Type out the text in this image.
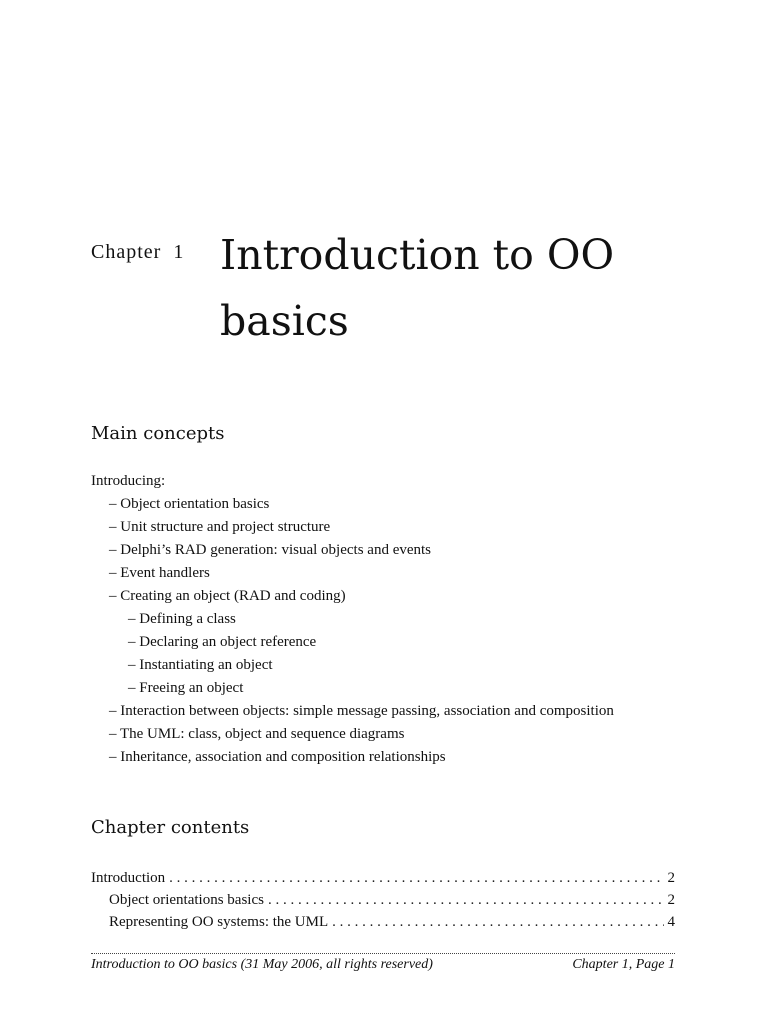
Chapter 1 Introduction to OO basics
Main concepts
Introducing:
– Object orientation basics
– Unit structure and project structure
– Delphi’s RAD generation: visual objects and events
– Event handlers
– Creating an object (RAD and coding)
– Defining a class
– Declaring an object reference
– Instantiating an object
– Freeing an object
– Interaction between objects: simple message passing, association and composition
– The UML: class, object and sequence diagrams
– Inheritance, association and composition relationships
Chapter contents
Introduction . . .	2
Object orientations basics . . .	2
Representing OO systems: the UML . . .	4
Introduction to OO basics (31 May 2006, all rights reserved)	Chapter 1, Page 1
